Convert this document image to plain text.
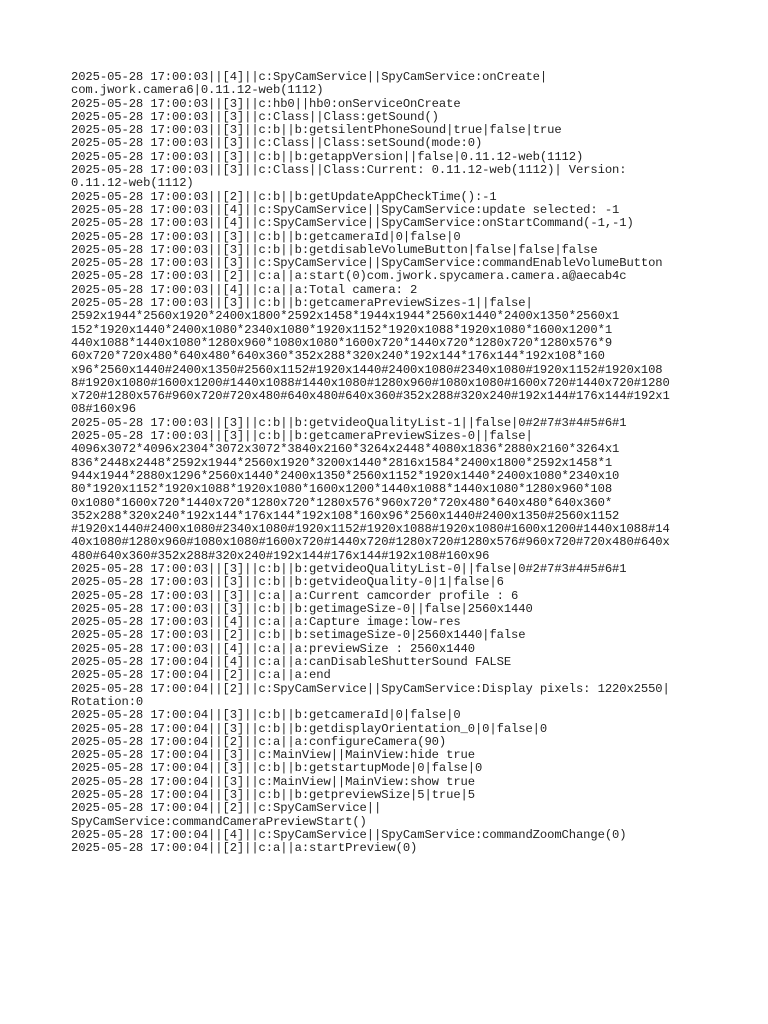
2025-05-28 17:00:03||[4]||c:SpyCamService||SpyCamService:onCreate|
com.jwork.camera6|0.11.12-web(1112)
2025-05-28 17:00:03||[3]||c:hb0||hb0:onServiceOnCreate
2025-05-28 17:00:03||[3]||c:Class||Class:getSound()
2025-05-28 17:00:03||[3]||c:b||b:getsilentPhoneSound|true|false|true
2025-05-28 17:00:03||[3]||c:Class||Class:setSound(mode:0)
2025-05-28 17:00:03||[3]||c:b||b:getappVersion||false|0.11.12-web(1112)
2025-05-28 17:00:03||[3]||c:Class||Class:Current: 0.11.12-web(1112)| Version:
0.11.12-web(1112)
2025-05-28 17:00:03||[2]||c:b||b:getUpdateAppCheckTime():-1
2025-05-28 17:00:03||[4]||c:SpyCamService||SpyCamService:update selected: -1
2025-05-28 17:00:03||[4]||c:SpyCamService||SpyCamService:onStartCommand(-1,-1)
2025-05-28 17:00:03||[3]||c:b||b:getcameraId|0|false|0
2025-05-28 17:00:03||[3]||c:b||b:getdisableVolumeButton|false|false|false
2025-05-28 17:00:03||[3]||c:SpyCamService||SpyCamService:commandEnableVolumeButton
2025-05-28 17:00:03||[2]||c:a||a:start(0)com.jwork.spycamera.camera.a@aecab4c
2025-05-28 17:00:03||[4]||c:a||a:Total camera: 2
2025-05-28 17:00:03||[3]||c:b||b:getcameraPreviewSizes-1||false|
2592x1944*2560x1920*2400x1800*2592x1458*1944x1944*2560x1440*2400x1350*2560x1
152*1920x1440*2400x1080*2340x1080*1920x1152*1920x1088*1920x1080*1600x1200*1
440x1088*1440x1080*1280x960*1080x1080*1600x720*1440x720*1280x720*1280x576*9
60x720*720x480*640x480*640x360*352x288*320x240*192x144*176x144*192x108*160
x96*2560x1440#2400x1350#2560x1152#1920x1440#2400x1080#2340x1080#1920x1152#1920x108
8#1920x1080#1600x1200#1440x1088#1440x1080#1280x960#1080x1080#1600x720#1440x720#1280
x720#1280x576#960x720#720x480#640x480#640x360#352x288#320x240#192x144#176x144#192x1
08#160x96
2025-05-28 17:00:03||[3]||c:b||b:getvideoQualityList-1||false|0#2#7#3#4#5#6#1
2025-05-28 17:00:03||[3]||c:b||b:getcameraPreviewSizes-0||false|
4096x3072*4096x2304*3072x3072*3840x2160*3264x2448*4080x1836*2880x2160*3264x1
836*2448x2448*2592x1944*2560x1920*3200x1440*2816x1584*2400x1800*2592x1458*1
944x1944*2880x1296*2560x1440*2400x1350*2560x1152*1920x1440*2400x1080*2340x10
80*1920x1152*1920x1088*1920x1080*1600x1200*1440x1088*1440x1080*1280x960*108
0x1080*1600x720*1440x720*1280x720*1280x576*960x720*720x480*640x480*640x360*
352x288*320x240*192x144*176x144*192x108*160x96*2560x1440#2400x1350#2560x1152
#1920x1440#2400x1080#2340x1080#1920x1152#1920x1088#1920x1080#1600x1200#1440x1088#14
40x1080#1280x960#1080x1080#1600x720#1440x720#1280x720#1280x576#960x720#720x480#640x
480#640x360#352x288#320x240#192x144#176x144#192x108#160x96
2025-05-28 17:00:03||[3]||c:b||b:getvideoQualityList-0||false|0#2#7#3#4#5#6#1
2025-05-28 17:00:03||[3]||c:b||b:getvideoQuality-0|1|false|6
2025-05-28 17:00:03||[3]||c:a||a:Current camcorder profile : 6
2025-05-28 17:00:03||[3]||c:b||b:getimageSize-0||false|2560x1440
2025-05-28 17:00:03||[4]||c:a||a:Capture image:low-res
2025-05-28 17:00:03||[2]||c:b||b:setimageSize-0|2560x1440|false
2025-05-28 17:00:03||[4]||c:a||a:previewSize : 2560x1440
2025-05-28 17:00:04||[4]||c:a||a:canDisableShutterSound FALSE
2025-05-28 17:00:04||[2]||c:a||a:end
2025-05-28 17:00:04||[2]||c:SpyCamService||SpyCamService:Display pixels: 1220x2550|
Rotation:0
2025-05-28 17:00:04||[3]||c:b||b:getcameraId|0|false|0
2025-05-28 17:00:04||[3]||c:b||b:getdisplayOrientation_0|0|false|0
2025-05-28 17:00:04||[2]||c:a||a:configureCamera(90)
2025-05-28 17:00:04||[3]||c:MainView||MainView:hide true
2025-05-28 17:00:04||[3]||c:b||b:getstartupMode|0|false|0
2025-05-28 17:00:04||[3]||c:MainView||MainView:show true
2025-05-28 17:00:04||[3]||c:b||b:getpreviewSize|5|true|5
2025-05-28 17:00:04||[2]||c:SpyCamService||
SpyCamService:commandCameraPreviewStart()
2025-05-28 17:00:04||[4]||c:SpyCamService||SpyCamService:commandZoomChange(0)
2025-05-28 17:00:04||[2]||c:a||a:startPreview(0)
